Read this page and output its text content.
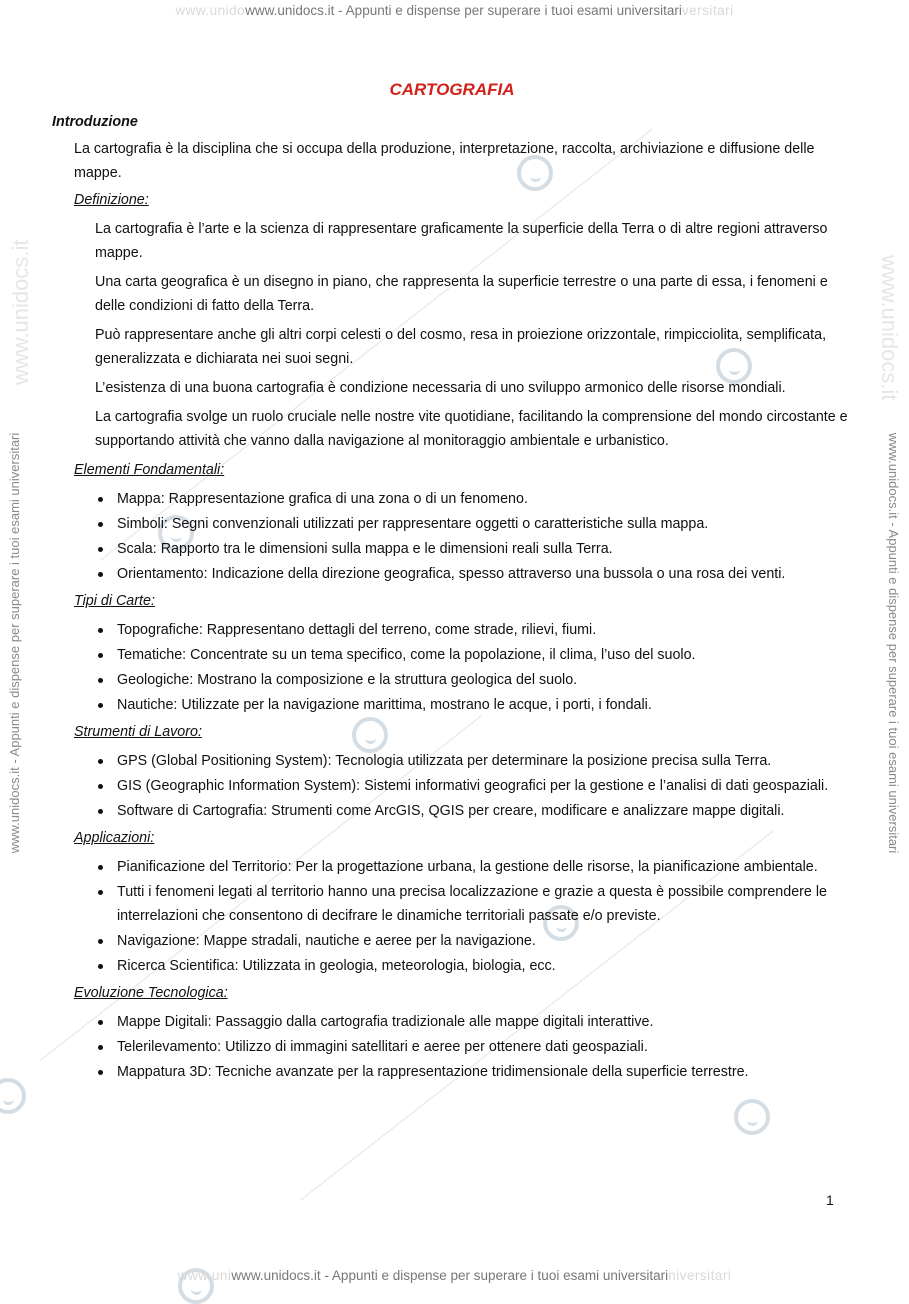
www.unidowww.unidocs.it - Appunti e dispense per superare i tuoi esami universitariversitari
www.unidocs.it - Appunti e dispense per superare i tuoi esami universitari	www.unidocs.it - Appunti e dispense per superare i tuoi esami universitari
www.unidocs.it	www.unidocs.it
CARTOGRAFIA
Introduzione
La cartografia è la disciplina che si occupa della produzione, interpretazione, raccolta, archiviazione e diffusione delle mappe.
Definizione:
La cartografia è l’arte e la scienza di rappresentare graficamente la superficie della Terra o di altre regioni attraverso mappe.
Una carta geografica è un disegno in piano, che rappresenta la superficie terrestre o una parte di essa, i fenomeni e delle condizioni di fatto della Terra.
Può rappresentare anche gli altri corpi celesti o del cosmo, resa in proiezione orizzontale, rimpicciolita, semplificata, generalizzata e dichiarata nei suoi segni.
L’esistenza di una buona cartografia è condizione necessaria di uno sviluppo armonico delle risorse mondiali.
La cartografia svolge un ruolo cruciale nelle nostre vite quotidiane, facilitando la comprensione del mondo circostante e supportando attività che vanno dalla navigazione al monitoraggio ambientale e urbanistico.
Elementi Fondamentali:
Mappa: Rappresentazione grafica di una zona o di un fenomeno.
Simboli: Segni convenzionali utilizzati per rappresentare oggetti o caratteristiche sulla mappa.
Scala: Rapporto tra le dimensioni sulla mappa e le dimensioni reali sulla Terra.
Orientamento: Indicazione della direzione geografica, spesso attraverso una bussola o una rosa dei venti.
Tipi di Carte:
Topografiche: Rappresentano dettagli del terreno, come strade, rilievi, fiumi.
Tematiche: Concentrate su un tema specifico, come la popolazione, il clima, l’uso del suolo.
Geologiche: Mostrano la composizione e la struttura geologica del suolo.
Nautiche: Utilizzate per la navigazione marittima, mostrano le acque, i porti, i fondali.
Strumenti di Lavoro:
GPS (Global Positioning System): Tecnologia utilizzata per determinare la posizione precisa sulla Terra.
GIS (Geographic Information System): Sistemi informativi geografici per la gestione e l’analisi di dati geospaziali.
Software di Cartografia: Strumenti come ArcGIS, QGIS per creare, modificare e analizzare mappe digitali.
Applicazioni:
Pianificazione del Territorio: Per la progettazione urbana, la gestione delle risorse, la pianificazione ambientale.
Tutti i fenomeni legati al territorio hanno una precisa localizzazione e grazie a questa è possibile comprendere le interrelazioni che consentono di decifrare le dinamiche territoriali passate e/o previste.
Navigazione: Mappe stradali, nautiche e aeree per la navigazione.
Ricerca Scientifica: Utilizzata in geologia, meteorologia, biologia, ecc.
Evoluzione Tecnologica:
Mappe Digitali: Passaggio dalla cartografia tradizionale alle mappe digitali interattive.
Telerilevamento: Utilizzo di immagini satellitari e aeree per ottenere dati geospaziali.
Mappatura 3D: Tecniche avanzate per la rappresentazione tridimensionale della superficie terrestre.
1
www.uniwww.unidocs.it - Appunti e dispense per superare i tuoi esami universitariniversitari
